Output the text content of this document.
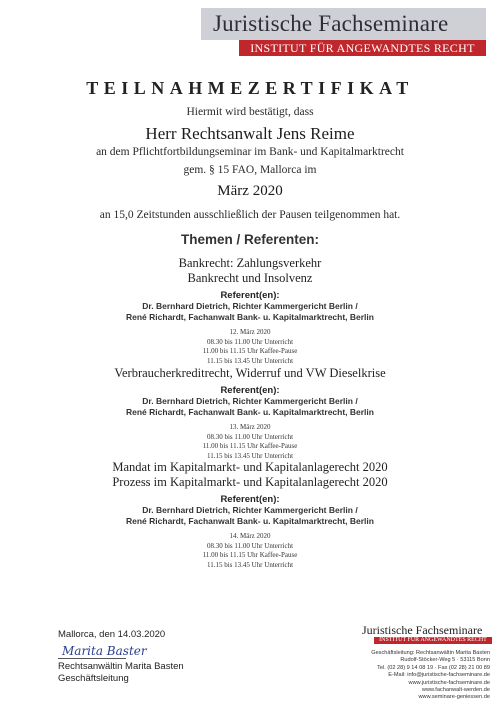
Juristische Fachseminare
INSTITUT FÜR ANGEWANDTES RECHT
TEILNAHMEZERTIFIKAT
Hiermit wird bestätigt, dass
Herr Rechtsanwalt Jens Reime
an dem Pflichtfortbildungseminar im Bank- und Kapitalmarktrecht
gem. § 15 FAO, Mallorca im
März 2020
an 15,0 Zeitstunden ausschließlich der Pausen teilgenommen hat.
Themen / Referenten:
Bankrecht: Zahlungsverkehr
Bankrecht und Insolvenz
Referent(en):
Dr. Bernhard Dietrich, Richter Kammergericht Berlin /
René Richardt, Fachanwalt Bank- u. Kapitalmarktrecht, Berlin
12. März 2020
08.30 bis 11.00 Uhr Unterricht
11.00 bis 11.15 Uhr Kaffee-Pause
11.15 bis 13.45 Uhr Unterricht
Verbraucherkreditrecht, Widerruf und VW Dieselkrise
Referent(en):
Dr. Bernhard Dietrich, Richter Kammergericht Berlin /
René Richardt, Fachanwalt Bank- u. Kapitalmarktrecht, Berlin
13. März 2020
08.30 bis 11.00 Uhr Unterricht
11.00 bis 11.15 Uhr Kaffee-Pause
11.15 bis 13.45 Uhr Unterricht
Mandat im Kapitalmarkt- und Kapitalanlagerecht 2020
Prozess im Kapitalmarkt- und Kapitalanlagerecht 2020
Referent(en):
Dr. Bernhard Dietrich, Richter Kammergericht Berlin /
René Richardt, Fachanwalt Bank- u. Kapitalmarktrecht, Berlin
14. März 2020
08.30 bis 11.00 Uhr Unterricht
11.00 bis 11.15 Uhr Kaffee-Pause
11.15 bis 13.45 Uhr Unterricht
Mallorca, den 14.03.2020
Marita Baster
Rechtsanwältin Marita Basten
Geschäftsleitung
Juristische Fachseminare
INSTITUT FÜR ANGEWANDTES RECHT
Geschäftsleitung: Rechtsanwältin Marita Basten
Rudolf-Stöcker-Weg 5 · 53115 Bonn
Tel. (02 28) 9 14 08 19 · Fax (02 28) 21 00 89
E-Mail: info@juristische-fachseminare.de
www.juristische-fachseminare.de
www.fachanwalt-werden.de
www.seminare-geniessen.de
